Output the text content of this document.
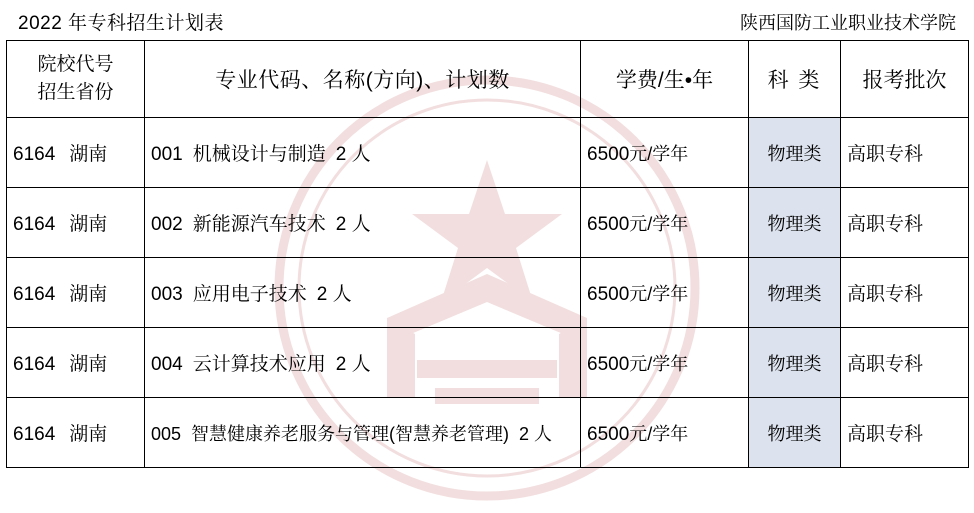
2022 年专科招生计划表	陕西国防工业职业技术学院
院校代号
招生省份	专业代码、名称(方向)、计划数	学费/生•年	科 类	报考批次
6164 湖南	001 机械设计与制造 2 人	6500元/学年	物理类	高职专科
6164 湖南	002 新能源汽车技术 2 人	6500元/学年	物理类	高职专科
6164 湖南	003 应用电子技术 2 人	6500元/学年	物理类	高职专科
6164 湖南	004 云计算技术应用 2 人	6500元/学年	物理类	高职专科
6164 湖南	005 智慧健康养老服务与管理(智慧养老管理) 2 人	6500元/学年	物理类	高职专科
